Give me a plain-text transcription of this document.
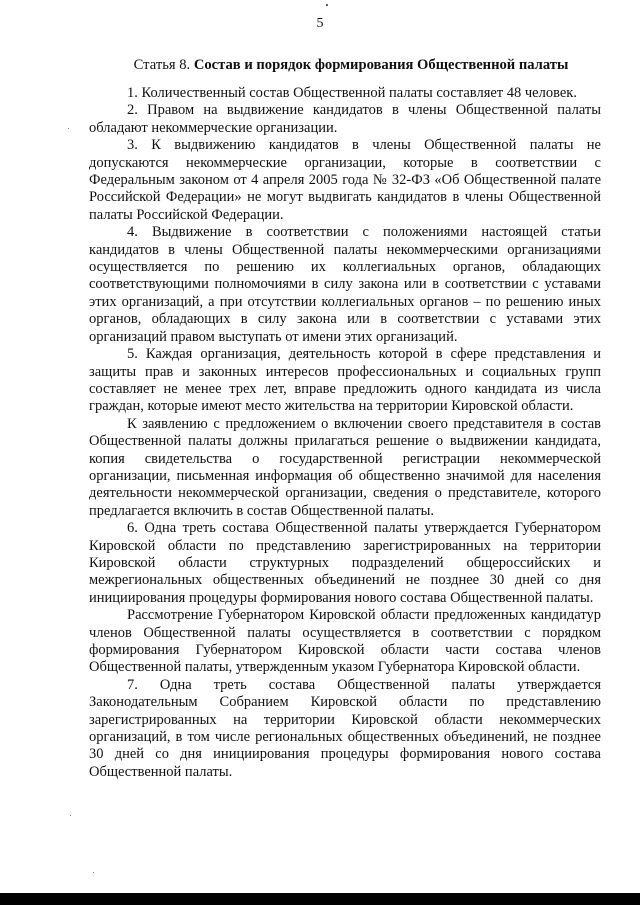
5
Статья 8. Состав и порядок формирования Общественной палаты

1. Количественный состав Общественной палаты составляет 48 человек.

2. Правом на выдвижение кандидатов в члены Общественной палаты обладают некоммерческие организации.

3. К выдвижению кандидатов в члены Общественной палаты не допускаются некоммерческие организации, которые в соответствии с Федеральным законом от 4 апреля 2005 года № 32-ФЗ «Об Общественной палате Российской Федерации» не могут выдвигать кандидатов в члены Общественной палаты Российской Федерации.

4. Выдвижение в соответствии с положениями настоящей статьи кандидатов в члены Общественной палаты некоммерческими организациями осуществляется по решению их коллегиальных органов, обладающих соответствующими полномочиями в силу закона или в соответствии с уставами этих организаций, а при отсутствии коллегиальных органов – по решению иных органов, обладающих в силу закона или в соответствии с уставами этих организаций правом выступать от имени этих организаций.

5. Каждая организация, деятельность которой в сфере представления и защиты прав и законных интересов профессиональных и социальных групп составляет не менее трех лет, вправе предложить одного кандидата из числа граждан, которые имеют место жительства на территории Кировской области.

К заявлению с предложением о включении своего представителя в состав Общественной палаты должны прилагаться решение о выдвижении кандидата, копия свидетельства о государственной регистрации некоммерческой организации, письменная информация об общественно значимой для населения деятельности некоммерческой организации, сведения о представителе, которого предлагается включить в состав Общественной палаты.

6. Одна треть состава Общественной палаты утверждается Губернатором Кировской области по представлению зарегистрированных на территории Кировской области структурных подразделений общероссийских и межрегиональных общественных объединений не позднее 30 дней со дня инициирования процедуры формирования нового состава Общественной палаты.

Рассмотрение Губернатором Кировской области предложенных кандидатур членов Общественной палаты осуществляется в соответствии с порядком формирования Губернатором Кировской области части состава членов Общественной палаты, утвержденным указом Губернатора Кировской области.

7. Одна треть состава Общественной палаты утверждается Законодательным Собранием Кировской области по представлению зарегистрированных на территории Кировской области некоммерческих организаций, в том числе региональных общественных объединений, не позднее 30 дней со дня инициирования процедуры формирования нового состава Общественной палаты.
